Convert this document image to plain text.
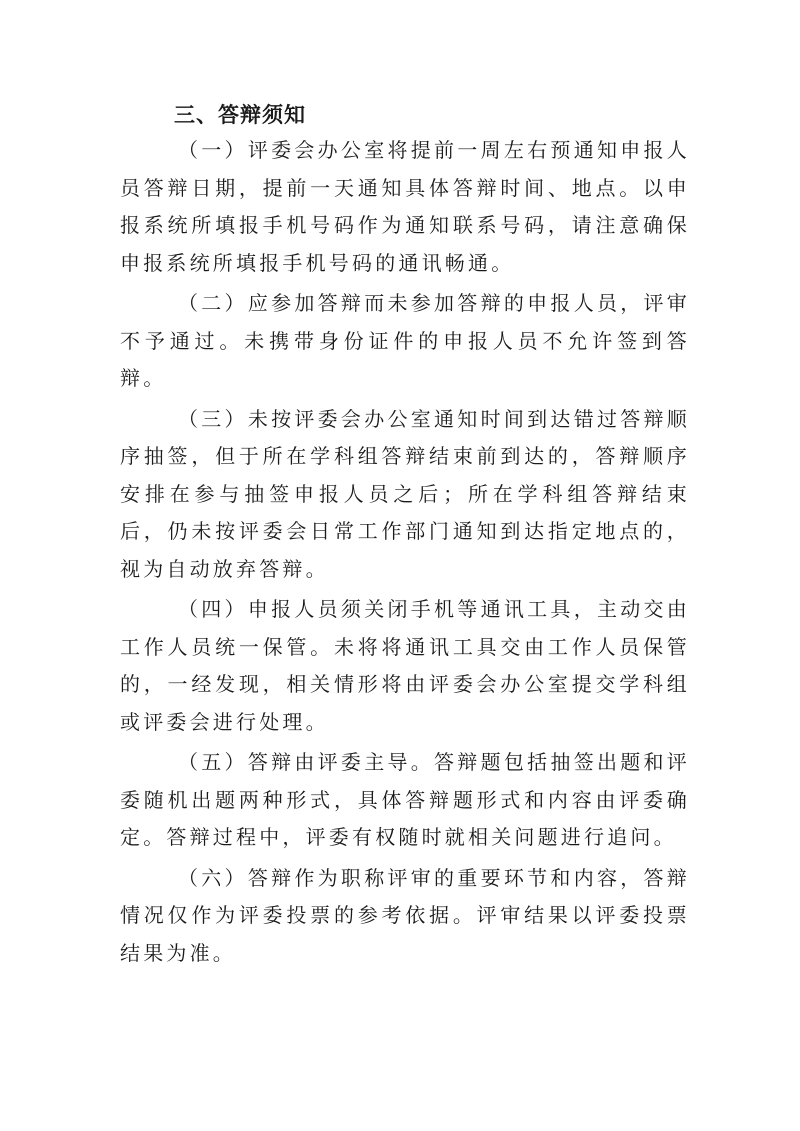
三、答辩须知

（一）评委会办公室将提前一周左右预通知申报人员答辩日期，提前一天通知具体答辩时间、地点。以申报系统所填报手机号码作为通知联系号码，请注意确保申报系统所填报手机号码的通讯畅通。

（二）应参加答辩而未参加答辩的申报人员，评审不予通过。未携带身份证件的申报人员不允许签到答辩。

（三）未按评委会办公室通知时间到达错过答辩顺序抽签，但于所在学科组答辩结束前到达的，答辩顺序安排在参与抽签申报人员之后；所在学科组答辩结束后，仍未按评委会日常工作部门通知到达指定地点的，视为自动放弃答辩。

（四）申报人员须关闭手机等通讯工具，主动交由工作人员统一保管。未将将通讯工具交由工作人员保管的，一经发现，相关情形将由评委会办公室提交学科组或评委会进行处理。

（五）答辩由评委主导。答辩题包括抽签出题和评委随机出题两种形式，具体答辩题形式和内容由评委确定。答辩过程中，评委有权随时就相关问题进行追问。

（六）答辩作为职称评审的重要环节和内容，答辩情况仅作为评委投票的参考依据。评审结果以评委投票结果为准。
